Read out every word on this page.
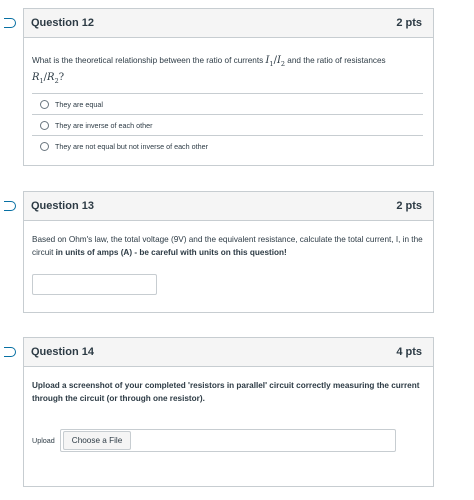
Question 12	2 pts
What is the theoretical relationship between the ratio of currents $I_1/I_2$ and the ratio of resistances
$R_1/R_2$?
They are equal
They are inverse of each other
They are not equal but not inverse of each other
Question 13	2 pts
Based on Ohm's law, the total voltage (9V) and the equivalent resistance, calculate the total current, I, in the circuit in units of amps (A) - be careful with units on this question!
Question 14	4 pts
Upload a screenshot of your completed 'resistors in parallel' circuit correctly measuring the current through the circuit (or through one resistor).
Upload	Choose a File
